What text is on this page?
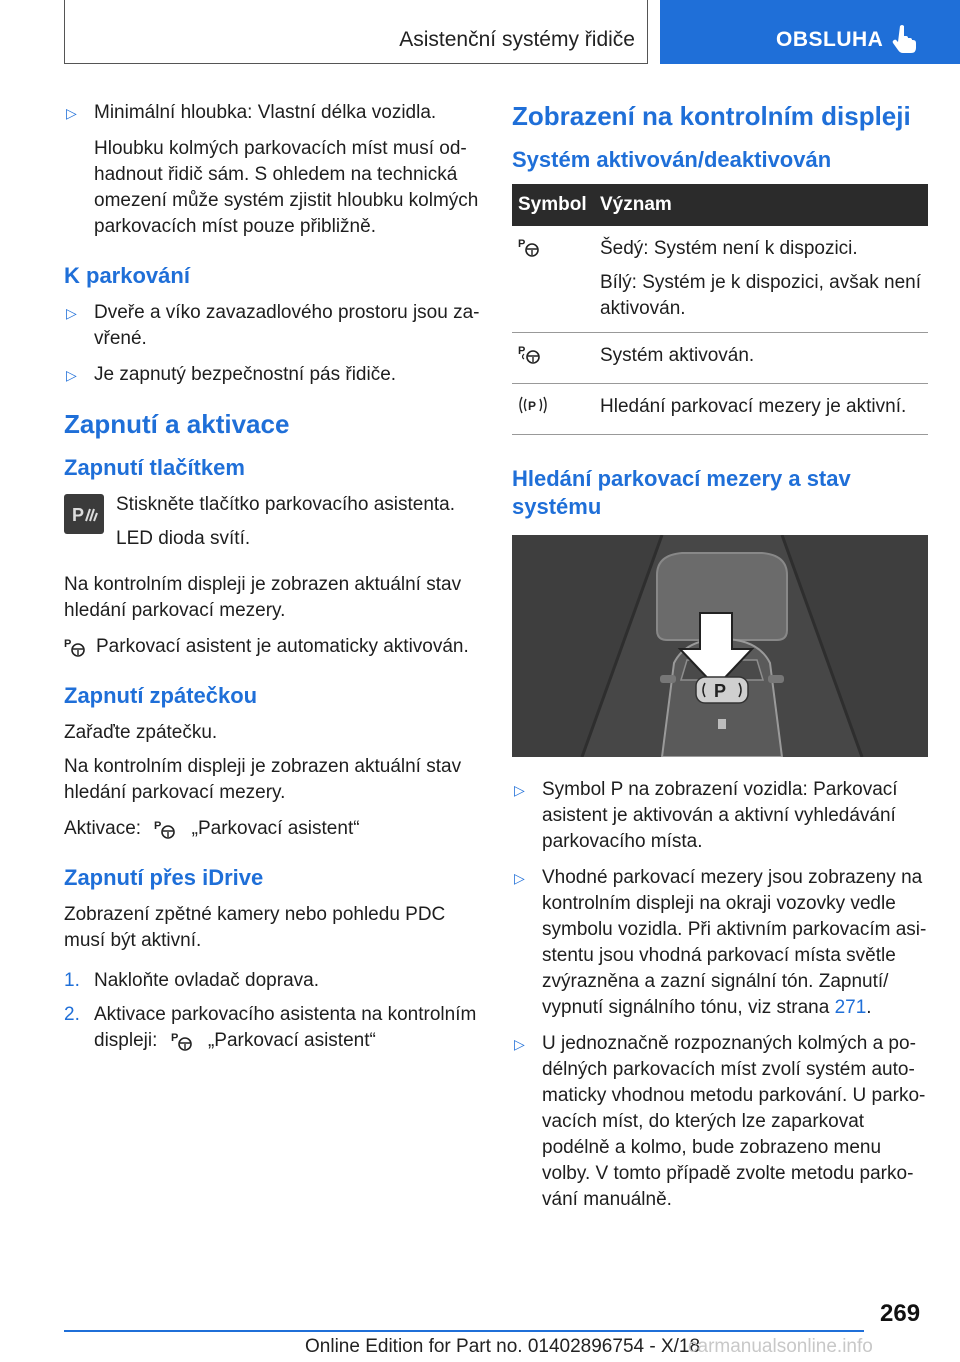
Asistenční systémy řidiče	OBSLUHA
▷ Minimální hloubka: Vlastní délka vozidla.

Hloubku kolmých parkovacích míst musí odhadnout řidič sám. S ohledem na technická omezení může systém zjistit hloubku kolmých parkovacích míst pouze přibližně.

K parkování
▷ Dveře a víko zavazadlového prostoru jsou zavřené.
▷ Je zapnutý bezpečnostní pás řidiče.
Zapnutí a aktivace
Zapnutí tlačítkem
P Stiskněte tlačítko parkovacího asistenta.

LED dioda svítí.

Na kontrolním displeji je zobrazen aktuální stav hledání parkovací mezery.

P Parkovací asistent je automaticky aktivován.

Zapnutí zpátečkou

Zařaďte zpátečku.

Na kontrolním displeji je zobrazen aktuální stav hledání parkovací mezery.

Aktivace: P „Parkovací asistent“

Zapnutí přes iDrive

Zobrazení zpětné kamery nebo pohledu PDC musí být aktivní.

1. Nakloňte ovladač doprava.
2. Aktivace parkovacího asistenta na kontrolním displeji: P „Parkovací asistent“
Zobrazení na kontrolním displeji
Systém aktivován/deaktivován
Symbol	Význam

P	Šedý: Systém není k dispozici.

Bílý: Systém je k dispozici, avšak není aktivován.

P	Systém aktivován.

P	Hledání parkovací mezery je aktivní.
Hledání parkovací mezery a stav systému
P
▷ Symbol P na zobrazení vozidla: Parkovací asistent je aktivován a aktivní vyhledávání parkovacího místa.
▷ Vhodné parkovací mezery jsou zobrazeny na kontrolním displeji na okraji vozovky vedle symbolu vozidla. Při aktivním parkovacím asistentu jsou vhodná parkovací místa světle zvýrazněna a zazní signální tón. Zapnutí/ vypnutí signálního tónu, viz strana 271.
▷ U jednoznačně rozpoznaných kolmých a podélných parkovacích míst zvolí systém automaticky vhodnou metodu parkování. U parkovacích míst, do kterých lze zaparkovat podélně a kolmo, bude zobrazeno menu volby. V tomto případě zvolte metodu parkování manuálně.
269
Online Edition for Part no. 01402896754 - X/18
carmanualsonline.info
